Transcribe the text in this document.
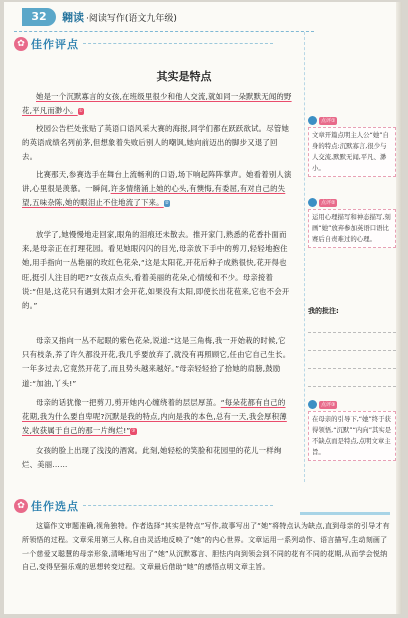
32	翱读 ·阅读写作(语文九年级)
✿ 佳作评点
其实是特点
她是一个沉默寡言的女孩,在班级里很少和他人交流,就如同一朵默默无闻的野花,平凡而渺小。①
校园公告栏处张贴了英语口语风采大赛的海报,同学们都在跃跃欲试。尽管她的英语成绩名列前茅,但想象着失败后别人的嘲讽,她向前迈出的脚步又退了回去。
比赛那天,参赛选手在舞台上流畅利的口语,场下响起阵阵掌声。她看着别人演讲,心里很是羡慕。一瞬间,许多情绪涌上她的心头,有懊悔,有委屈,有对自己的失望,五味杂陈,她的眼泪止不住地流了下来。②
放学了,她慢慢地走回家,眼角的泪痕还未散去。推开家门,熟悉的花香扑面而来,是母亲正在打理花园。看见她眼闪闪的目光,母亲放下手中的剪刀,轻轻地抱住她,用手指向一丛艳丽的玫红色花朵,“这是太阳花,开花后种子成熟很快,花开得也旺,挺引人注目的吧?”女孩点点头,看着美丽的花朵,心情缓和不少。母亲接着说:“但是,这花只有遇到太阳才会开花,如果没有太阳,即使长出花苞来,它也不会开的。”
母亲又指向一丛不起眼的紫色花朵,说道:“这是三角梅,我一开始栽的时候,它只有枝条,养了许久都没开花,我几乎要放弃了,就没有再照顾它,任由它自己生长。一年多过去,它竟然开花了,而且势头越来越好。”母亲轻轻拾了拾她的肩膀,鼓励道:“加油,丫头!”
母亲的话犹像一把剪刀,剪开她内心缠绕着的层层厚茧。“每朵花都有自己的花期,我为什么要自卑呢?沉默是我的特点,内向是我的本色,总有一天,我会厚积薄发,收获属于自己的那一片绚烂!”③
女孩的脸上出现了浅浅的酒窝。此刻,她轻松的笑脸和花园里的花儿一样绚烂、美丽……
点评①
文章开篇点明主人公“她”自身的特点:沉默寡言,很少与人交流,默默无闻,平凡、渺小。
点评②
运用心理描写和神态描写,刻画“她”放弃参加英语口语比赛后自责难过的心理。
我的批注:
点评③
在母亲的引导下,“她”终于获得领悟,“沉默”“内向”其实是不缺点而是特点,点明文章主旨。
✿ 佳作选点
这篇作文审题准确,视角独特。作者选择“其实是特点”写作,故事写出了“她”将特点认为缺点,直到母亲的引导才有所领悟的过程。文章采用第三人称,自由灵活地反映了“她”的内心世界。文章运用一系列动作、语言描写,生动刻画了一个慈爱又聪慧的母亲形象,清晰地写出了“她”从沉默寡言、胆怯内向到领会到不同的花有不同的花期,从而学会悦纳自己,变得坚强乐观的思想转变过程。文章最后借助“她”的感悟点明文章主旨。
